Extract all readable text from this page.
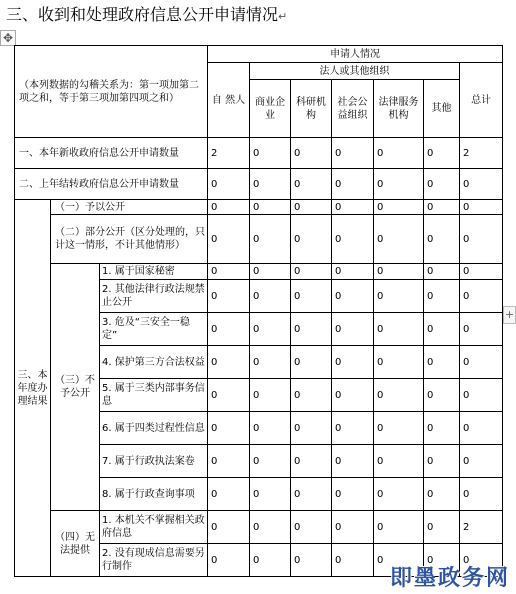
三、收到和处理政府信息公开申请情况↵
✥
+
（本列数据的勾稽关系为：第一项加第二项之和，等于第三项加第四项之和）			申请人情况						
			自 然人	法人或其他组织					总计
				商业企业	科研机构	社会公益组织	法律服务机构	其他	
一、本年新收政府信息公开申请数量			2	0	0	0	0	0	2
二、上年结转政府信息公开申请数量			0	0	0	0	0	0	0
三、本年度办理结果	（一）予以公开		0	0	0	0	0	0	0
	（二）部分公开（区分处理的，只计这一情形，不计其他情形）		0	0	0	0	0	0	0
	（三）不予公开	1. 属于国家秘密	0	0	0	0	0	0	0
		2. 其他法律行政法规禁止公开	0	0	0	0	0	0	0
		3. 危及“三安全一稳定”	0	0	0	0	0	0	0
		4. 保护第三方合法权益	0	0	0	0	0	0	0
		5. 属于三类内部事务信息	0	0	0	0	0	0	0
		6. 属于四类过程性信息	0	0	0	0	0	0	0
		7. 属于行政执法案卷	0	0	0	0	0	0	0
		8. 属于行政查询事项	0	0	0	0	0	0	0
	（四）无法提供	1. 本机关不掌握相关政府信息	0	0	0	0	0	0	2
		2. 没有现成信息需要另行制作	0	0	0	0	0	0	0
即墨政务网
